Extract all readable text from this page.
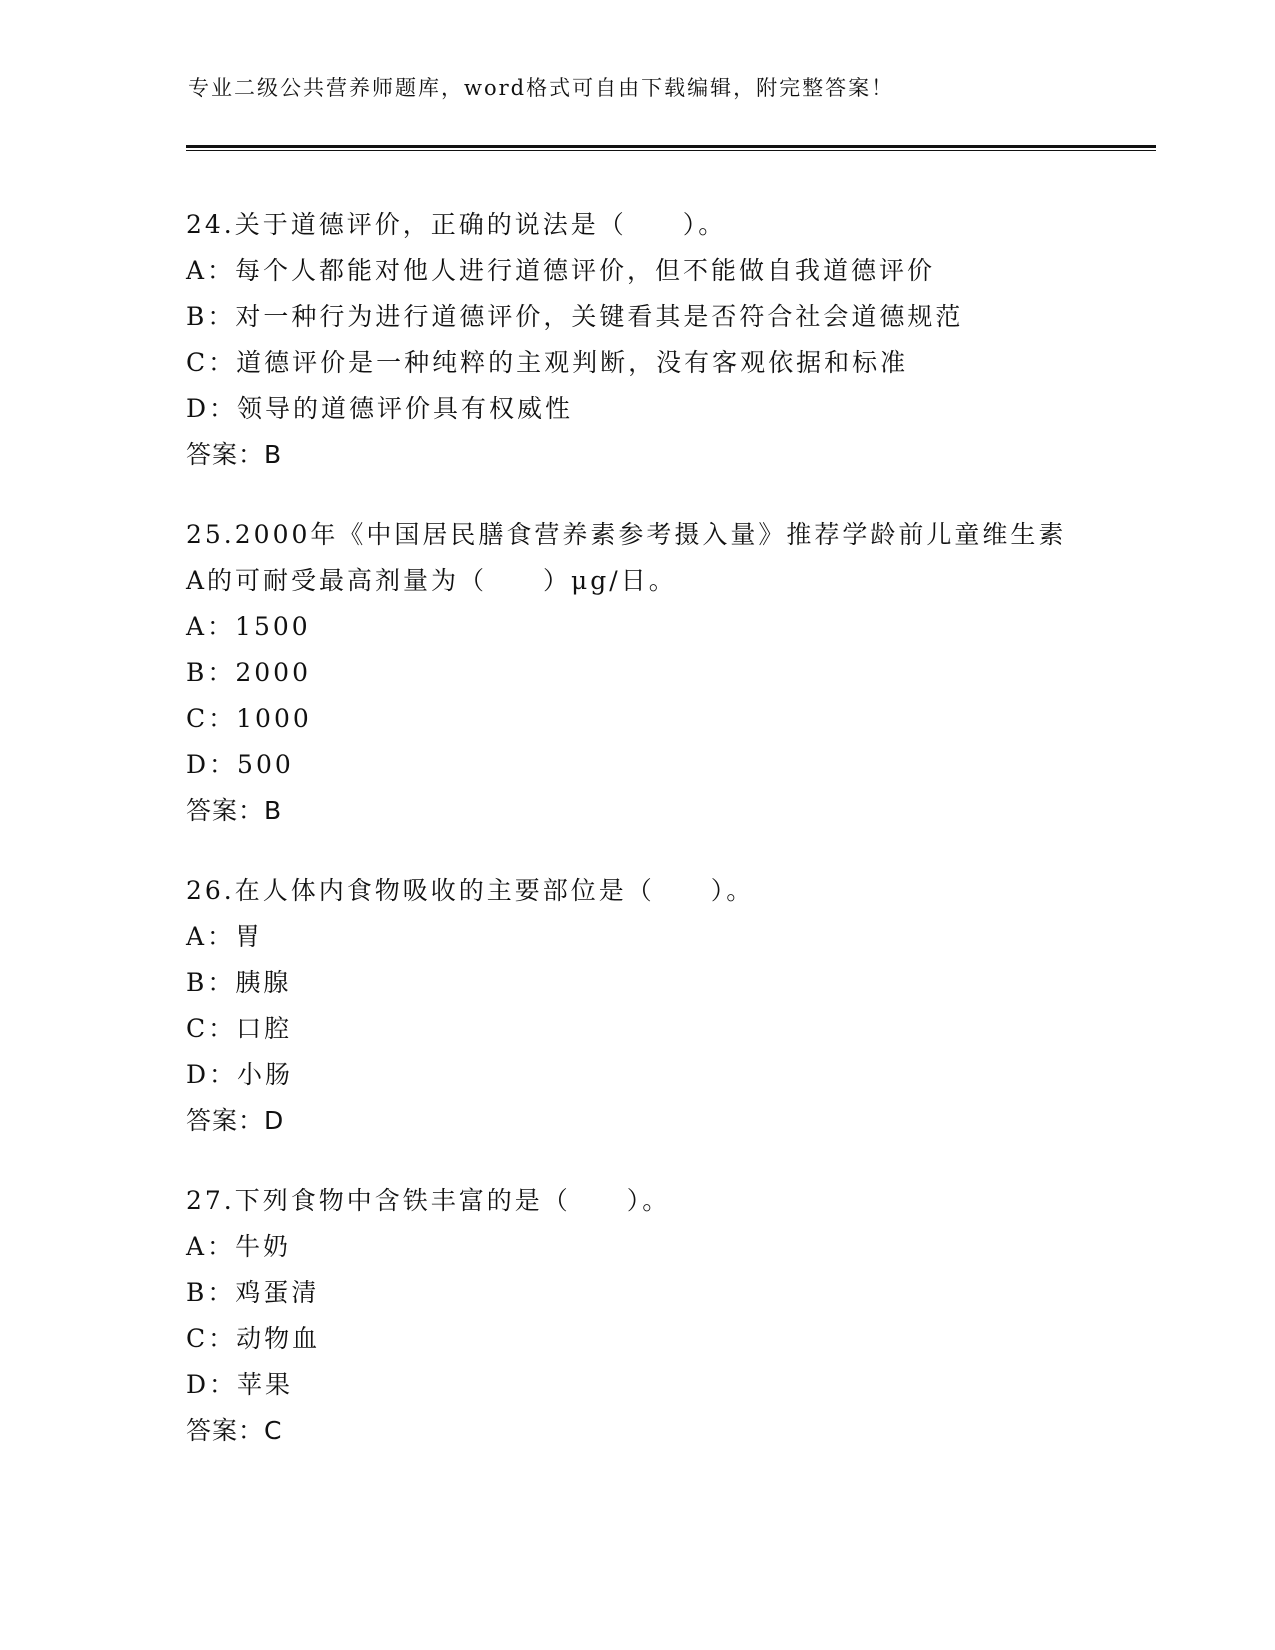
专业二级公共营养师题库，word格式可自由下载编辑，附完整答案！
24.关于道德评价，正确的说法是（　　）。
A：每个人都能对他人进行道德评价，但不能做自我道德评价
B：对一种行为进行道德评价，关键看其是否符合社会道德规范
C：道德评价是一种纯粹的主观判断，没有客观依据和标准
D：领导的道德评价具有权威性
答案：B
25.2000年《中国居民膳食营养素参考摄入量》推荐学龄前儿童维生素
A的可耐受最高剂量为（　　）μg/日。
A：1500
B：2000
C：1000
D：500
答案：B
26.在人体内食物吸收的主要部位是（　　）。
A：胃
B：胰腺
C：口腔
D：小肠
答案：D
27.下列食物中含铁丰富的是（　　）。
A：牛奶
B：鸡蛋清
C：动物血
D：苹果
答案：C
